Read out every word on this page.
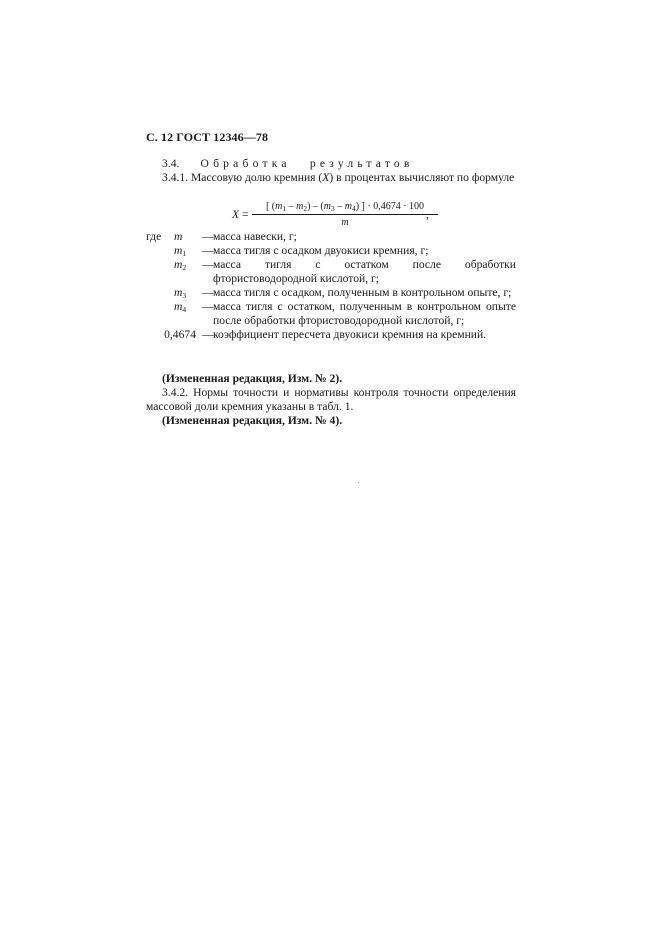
С. 12 ГОСТ 12346—78
3.4. Обработка результатов
3.4.1. Массовую долю кремния (X) в процентах вычисляют по формуле
X =
[ $(m_1 - m_2) - (m_3 - m_4)$ ] · 0,4674 · 100
m
,
где m	— масса навески, г;
$m_1$	— масса тигля с осадком двуокиси кремния, г;
$m_2$	— масса тигля с остатком после обработки фтористоводородной кислотой, г;
$m_3$	— масса тигля с осадком, полученным в контрольном опыте, г;
$m_4$	— масса тигля с остатком, полученным в контрольном опыте после обработки фтористоводородной кислотой, г;
0,4674 — коэффициент пересчета двуокиси кремния на кремний.
(Измененная редакция, Изм. № 2).
3.4.2. Нормы точности и нормативы контроля точности определения массовой доли кремния указаны в табл. 1.
(Измененная редакция, Изм. № 4).
